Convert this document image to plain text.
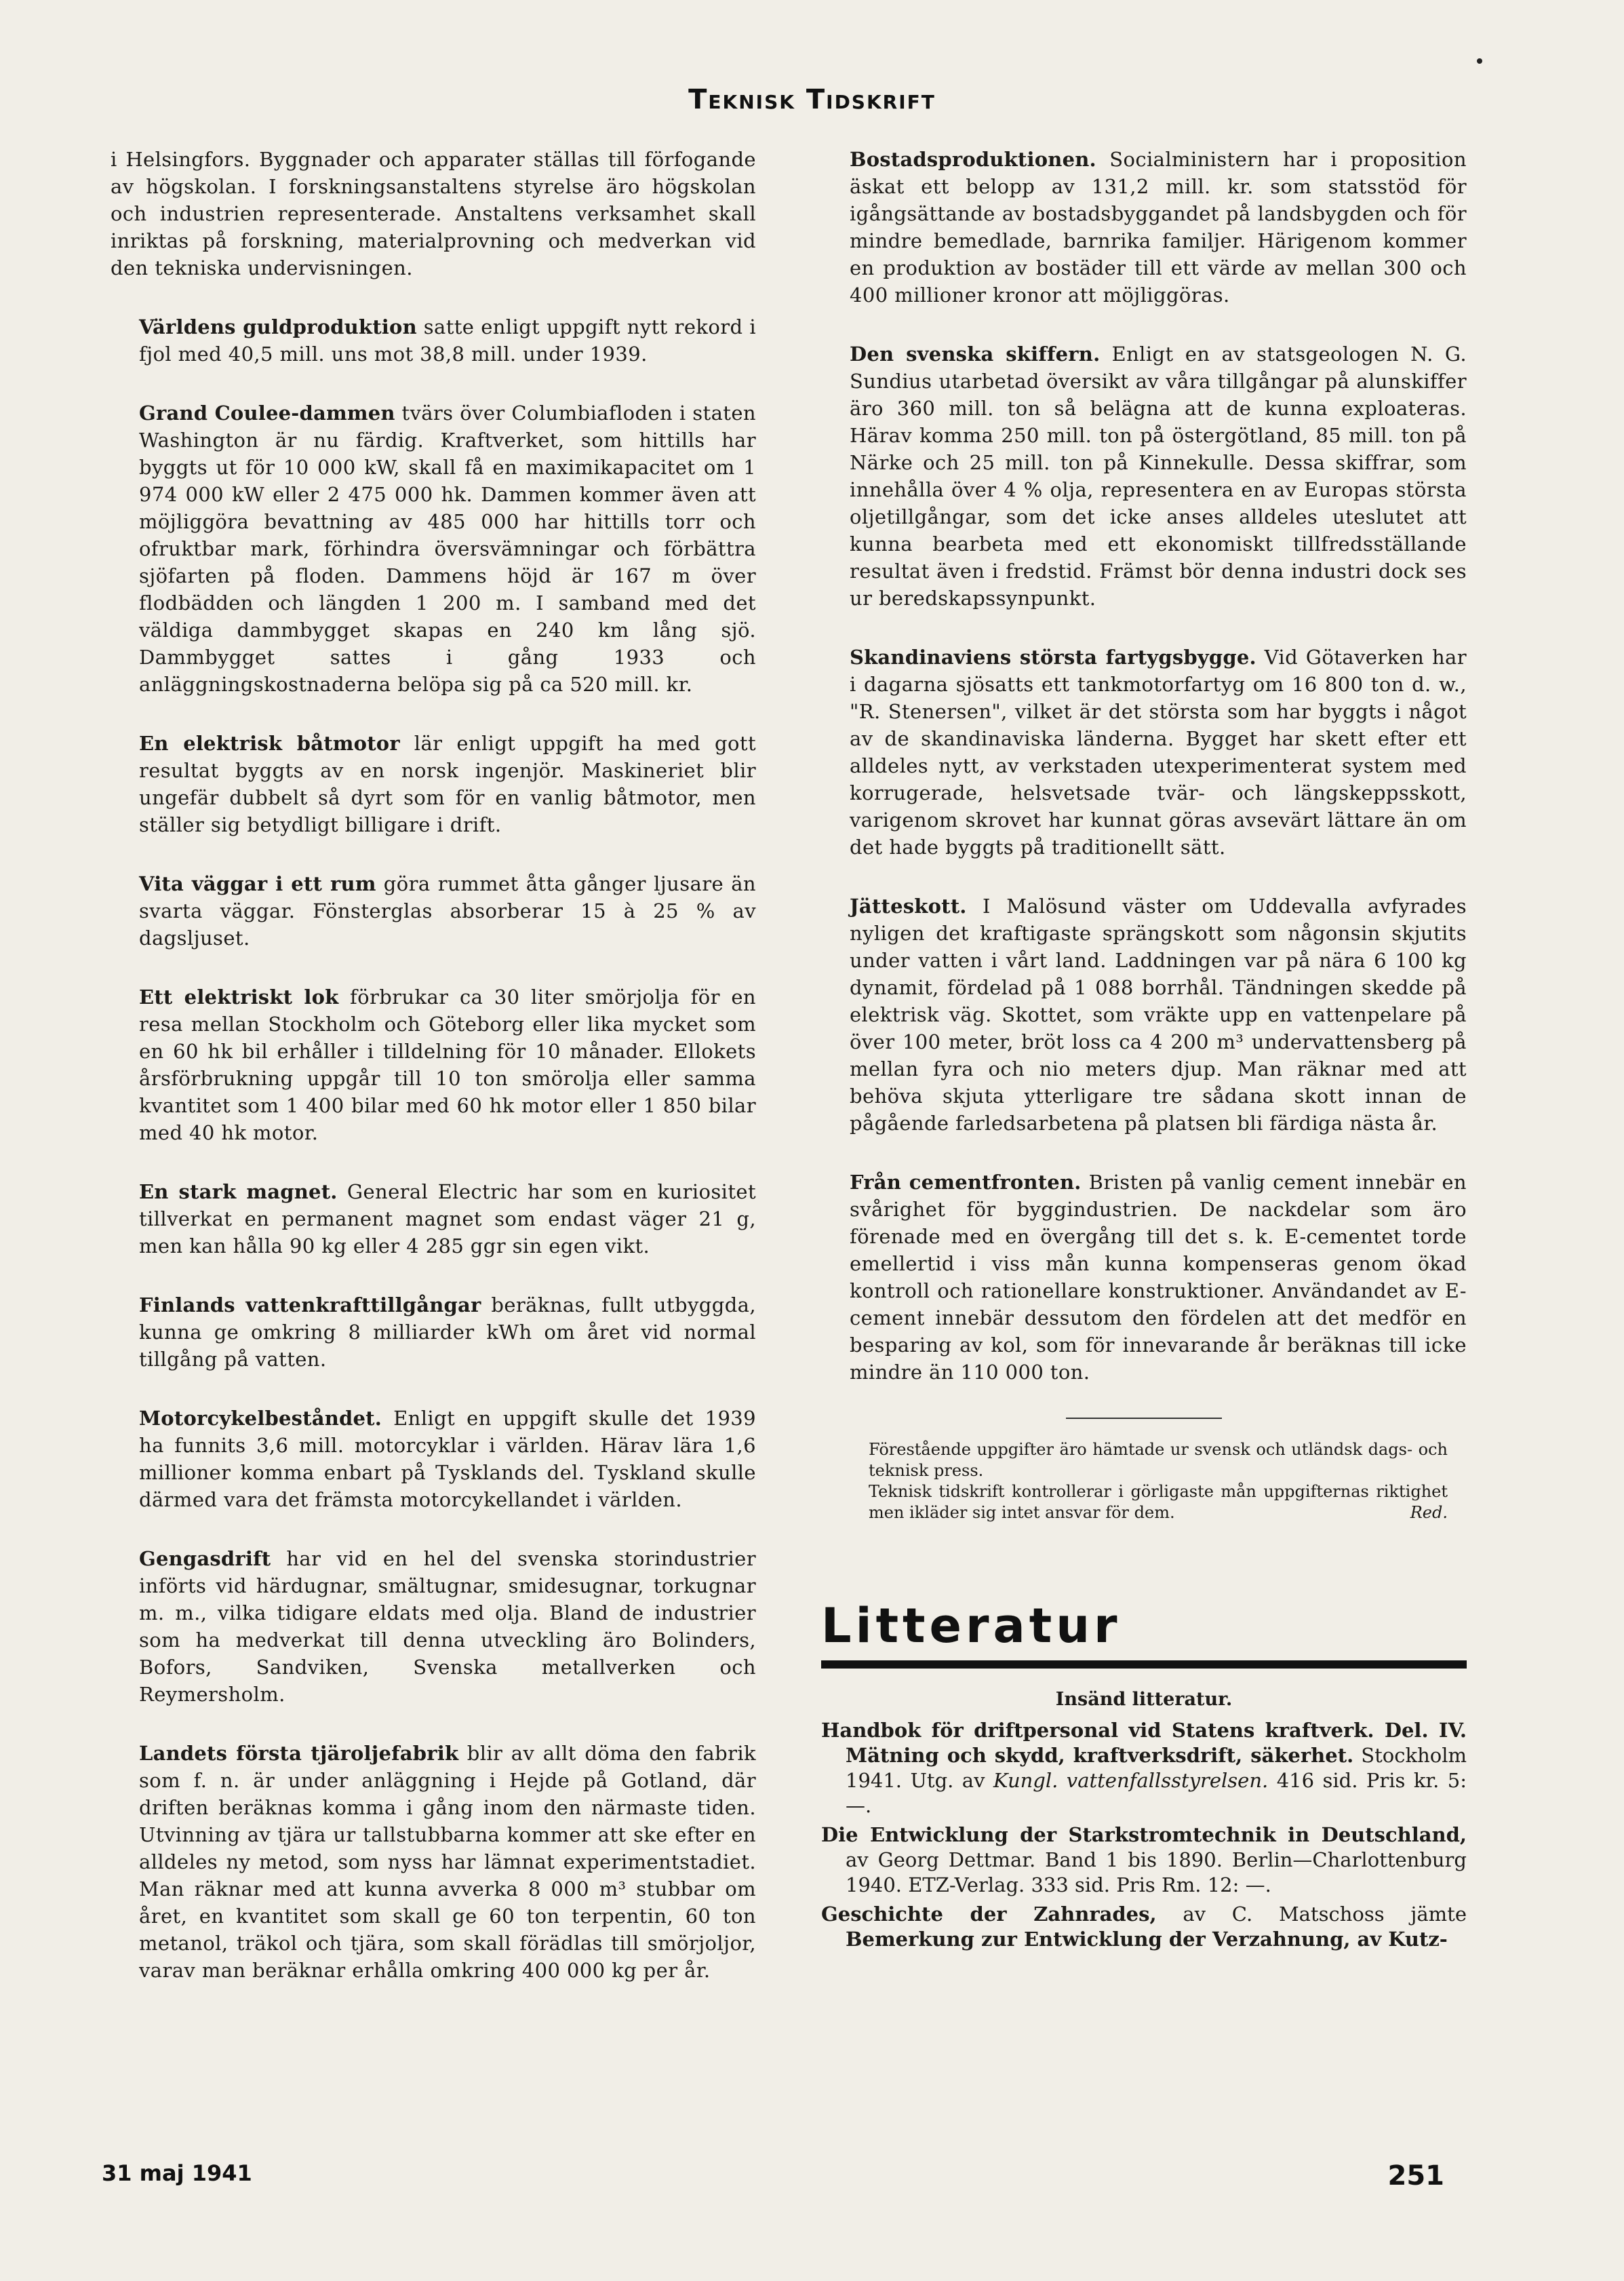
Teknisk Tidskrift

i Helsingfors. Byggnader och apparater ställas till förfogande av högskolan. I forskningsanstaltens styrelse äro högskolan och industrien representerade. Anstaltens verksamhet skall inriktas på forskning, materialprovning och medverkan vid den tekniska undervisningen.

Världens guldproduktion satte enligt uppgift nytt rekord i fjol med 40,5 mill. uns mot 38,8 mill. under 1939.

Grand Coulee-dammen tvärs över Columbiafloden i staten Washington är nu färdig. Kraftverket, som hittills har byggts ut för 10 000 kW, skall få en maximikapacitet om 1 974 000 kW eller 2 475 000 hk. Dammen kommer även att möjliggöra bevattning av 485 000 har hittills torr och ofruktbar mark, förhindra översvämningar och förbättra sjöfarten på floden. Dammens höjd är 167 m över flodbädden och längden 1 200 m. I samband med det väldiga dammbygget skapas en 240 km lång sjö. Dammbygget sattes i gång 1933 och anläggningskostnaderna belöpa sig på ca 520 mill. kr.

En elektrisk båtmotor lär enligt uppgift ha med gott resultat byggts av en norsk ingenjör. Maskineriet blir ungefär dubbelt så dyrt som för en vanlig båtmotor, men ställer sig betydligt billigare i drift.

Vita väggar i ett rum göra rummet åtta gånger ljusare än svarta väggar. Fönsterglas absorberar 15 à 25 % av dagsljuset.

Ett elektriskt lok förbrukar ca 30 liter smörjolja för en resa mellan Stockholm och Göteborg eller lika mycket som en 60 hk bil erhåller i tilldelning för 10 månader. Ellokets årsförbrukning uppgår till 10 ton smörolja eller samma kvantitet som 1 400 bilar med 60 hk motor eller 1 850 bilar med 40 hk motor.

En stark magnet. General Electric har som en kuriositet tillverkat en permanent magnet som endast väger 21 g, men kan hålla 90 kg eller 4 285 ggr sin egen vikt.

Finlands vattenkrafttillgångar beräknas, fullt utbyggda, kunna ge omkring 8 milliarder kWh om året vid normal tillgång på vatten.

Motorcykelbeståndet. Enligt en uppgift skulle det 1939 ha funnits 3,6 mill. motorcyklar i världen. Härav lära 1,6 millioner komma enbart på Tysklands del. Tyskland skulle därmed vara det främsta motorcykellandet i världen.

Gengasdrift har vid en hel del svenska storindustrier införts vid härdugnar, smältugnar, smidesugnar, torkugnar m. m., vilka tidigare eldats med olja. Bland de industrier som ha medverkat till denna utveckling äro Bolinders, Bofors, Sandviken, Svenska metallverken och Reymersholm.

Landets första tjäroljefabrik blir av allt döma den fabrik som f. n. är under anläggning i Hejde på Gotland, där driften beräknas komma i gång inom den närmaste tiden. Utvinning av tjära ur tallstubbarna kommer att ske efter en alldeles ny metod, som nyss har lämnat experimentstadiet. Man räknar med att kunna avverka 8 000 m³ stubbar om året, en kvantitet som skall ge 60 ton terpentin, 60 ton metanol, träkol och tjära, som skall förädlas till smörjoljor, varav man beräknar erhålla omkring 400 000 kg per år.

Bostadsproduktionen. Socialministern har i proposition äskat ett belopp av 131,2 mill. kr. som statsstöd för igångsättande av bostadsbyggandet på landsbygden och för mindre bemedlade, barnrika familjer. Härigenom kommer en produktion av bostäder till ett värde av mellan 300 och 400 millioner kronor att möjliggöras.

Den svenska skiffern. Enligt en av statsgeologen N. G. Sundius utarbetad översikt av våra tillgångar på alunskiffer äro 360 mill. ton så belägna att de kunna exploateras. Härav komma 250 mill. ton på östergötland, 85 mill. ton på Närke och 25 mill. ton på Kinnekulle. Dessa skiffrar, som innehålla över 4 % olja, representera en av Europas största oljetillgångar, som det icke anses alldeles uteslutet att kunna bearbeta med ett ekonomiskt tillfredsställande resultat även i fredstid. Främst bör denna industri dock ses ur beredskapssynpunkt.

Skandinaviens största fartygsbygge. Vid Götaverken har i dagarna sjösatts ett tankmotorfartyg om 16 800 ton d. w., "R. Stenersen", vilket är det största som har byggts i något av de skandinaviska länderna. Bygget har skett efter ett alldeles nytt, av verkstaden utexperimenterat system med korrugerade, helsvetsade tvär- och längskeppsskott, varigenom skrovet har kunnat göras avsevärt lättare än om det hade byggts på traditionellt sätt.

Jätteskott. I Malösund väster om Uddevalla avfyrades nyligen det kraftigaste sprängskott som någonsin skjutits under vatten i vårt land. Laddningen var på nära 6 100 kg dynamit, fördelad på 1 088 borrhål. Tändningen skedde på elektrisk väg. Skottet, som vräkte upp en vattenpelare på över 100 meter, bröt loss ca 4 200 m³ undervattensberg på mellan fyra och nio meters djup. Man räknar med att behöva skjuta ytterligare tre sådana skott innan de pågående farledsarbetena på platsen bli färdiga nästa år.

Från cementfronten. Bristen på vanlig cement innebär en svårighet för byggindustrien. De nackdelar som äro förenade med en övergång till det s. k. E-cementet torde emellertid i viss mån kunna kompenseras genom ökad kontroll och rationellare konstruktioner. Användandet av E-cement innebär dessutom den fördelen att det medför en besparing av kol, som för innevarande år beräknas till icke mindre än 110 000 ton.

Förestående uppgifter äro hämtade ur svensk och utländsk dags- och teknisk press.
Teknisk tidskrift kontrollerar i görligaste mån uppgifternas riktighet men ikläder sig intet ansvar för dem.	Red.

Litteratur
Insänd litteratur.

Handbok för driftpersonal vid Statens kraftverk. Del. IV. Mätning och skydd, kraftverksdrift, säkerhet. Stockholm 1941. Utg. av Kungl. vattenfallsstyrelsen. 416 sid. Pris kr. 5: —.

Die Entwicklung der Starkstromtechnik in Deutschland, av Georg Dettmar. Band 1 bis 1890. Berlin—Charlottenburg 1940. ETZ-Verlag. 333 sid. Pris Rm. 12: —.

Geschichte der Zahnrades, av C. Matschoss jämte Bemerkung zur Entwicklung der Verzahnung, av Kutz-

31 maj 1941	251
